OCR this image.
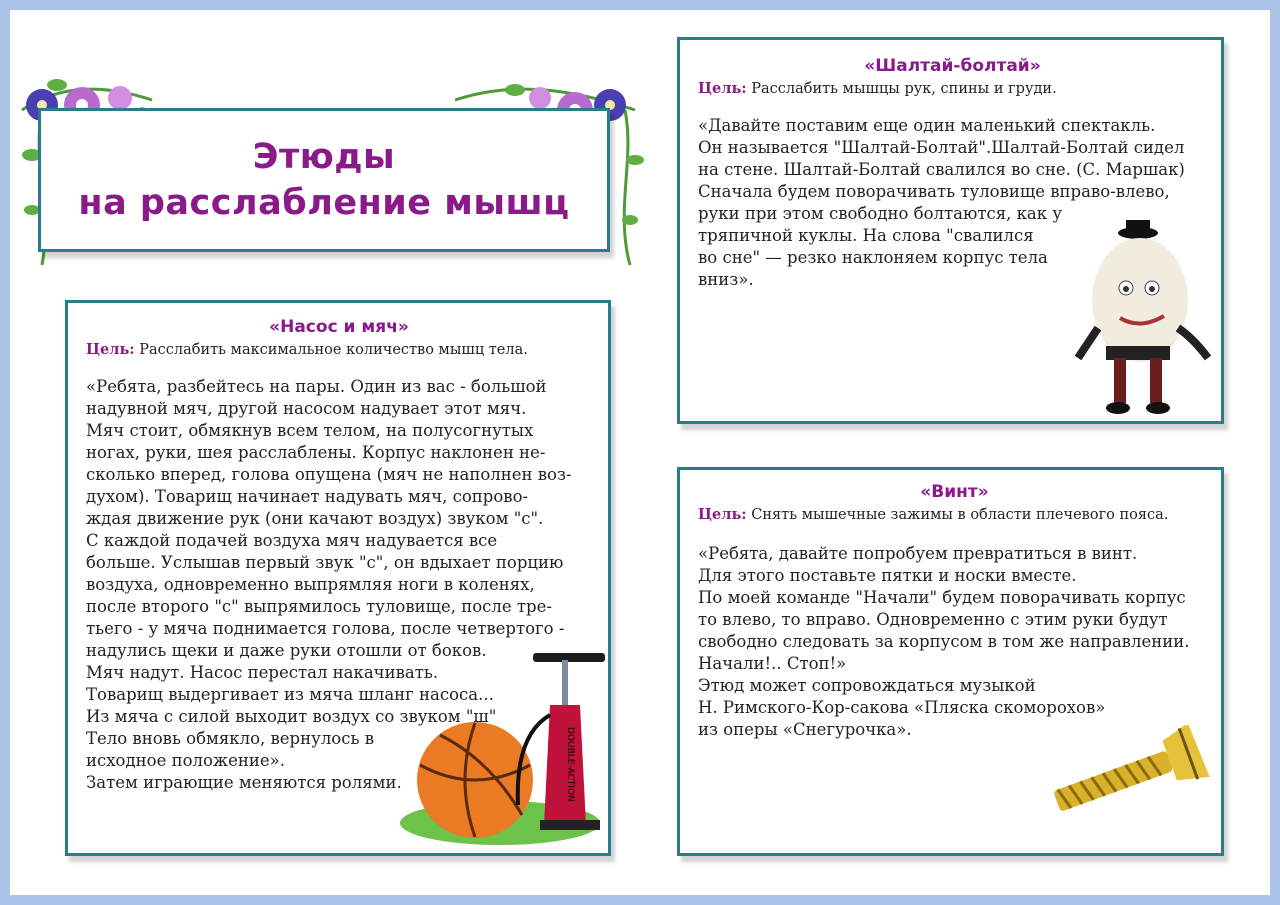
Этюды
на расслабление мышц
«Насос и мяч»
Цель: Расслабить максимальное количество мышц тела.

«Ребята, разбейтесь на пары. Один из вас - большой

надувной мяч, другой насосом надувает этот мяч.

Мяч стоит, обмякнув всем телом, на полусогнутых

ногах, руки, шея расслаблены. Корпус наклонен не-

сколько вперед, голова опущена (мяч не наполнен воз-

духом). Товарищ начинает надувать мяч, сопрово-

ждая движение рук (они качают воздух) звуком "с".

С каждой подачей воздуха мяч надувается все

больше. Услышав первый звук "с", он вдыхает порцию

воздуха, одновременно выпрямляя ноги в коленях,

после второго "с" выпрямилось туловище, после тре-

тьего - у мяча поднимается голова, после четвертого -

надулись щеки и даже руки отошли от боков.

Мяч надут. Насос перестал накачивать.

Товарищ выдергивает из мяча шланг насоса...

Из мяча с силой выходит воздух со звуком "ш"

Тело вновь обмякло, вернулось в

исходное положение».

Затем играющие меняются ролями.	DOUBLE-ACTION
«Шалтай-болтай»
Цель: Расслабить мышцы рук, спины и груди.

«Давайте поставим еще один маленький спектакль.

Он называется "Шалтай-Болтай".Шалтай-Болтай сидел

на стене. Шалтай-Болтай свалился во сне. (С. Маршак)

Сначала будем поворачивать туловище вправо-влево,

руки при этом свободно болтаются, как у

тряпичной куклы. На слова "свалился

во сне" — резко наклоняем корпус тела

вниз».

«Винт»
Цель: Снять мышечные зажимы в области плечевого пояса.

«Ребята, давайте попробуем превратиться в винт.

Для этого поставьте пятки и носки вместе.

По моей команде "Начали" будем поворачивать корпус

то влево, то вправо. Одновременно с этим руки будут

свободно следовать за корпусом в том же направлении.

Начали!.. Стоп!»

Этюд может сопровождаться музыкой

Н. Римского-Кор-сакова «Пляска скоморохов»

из оперы «Снегурочка».
